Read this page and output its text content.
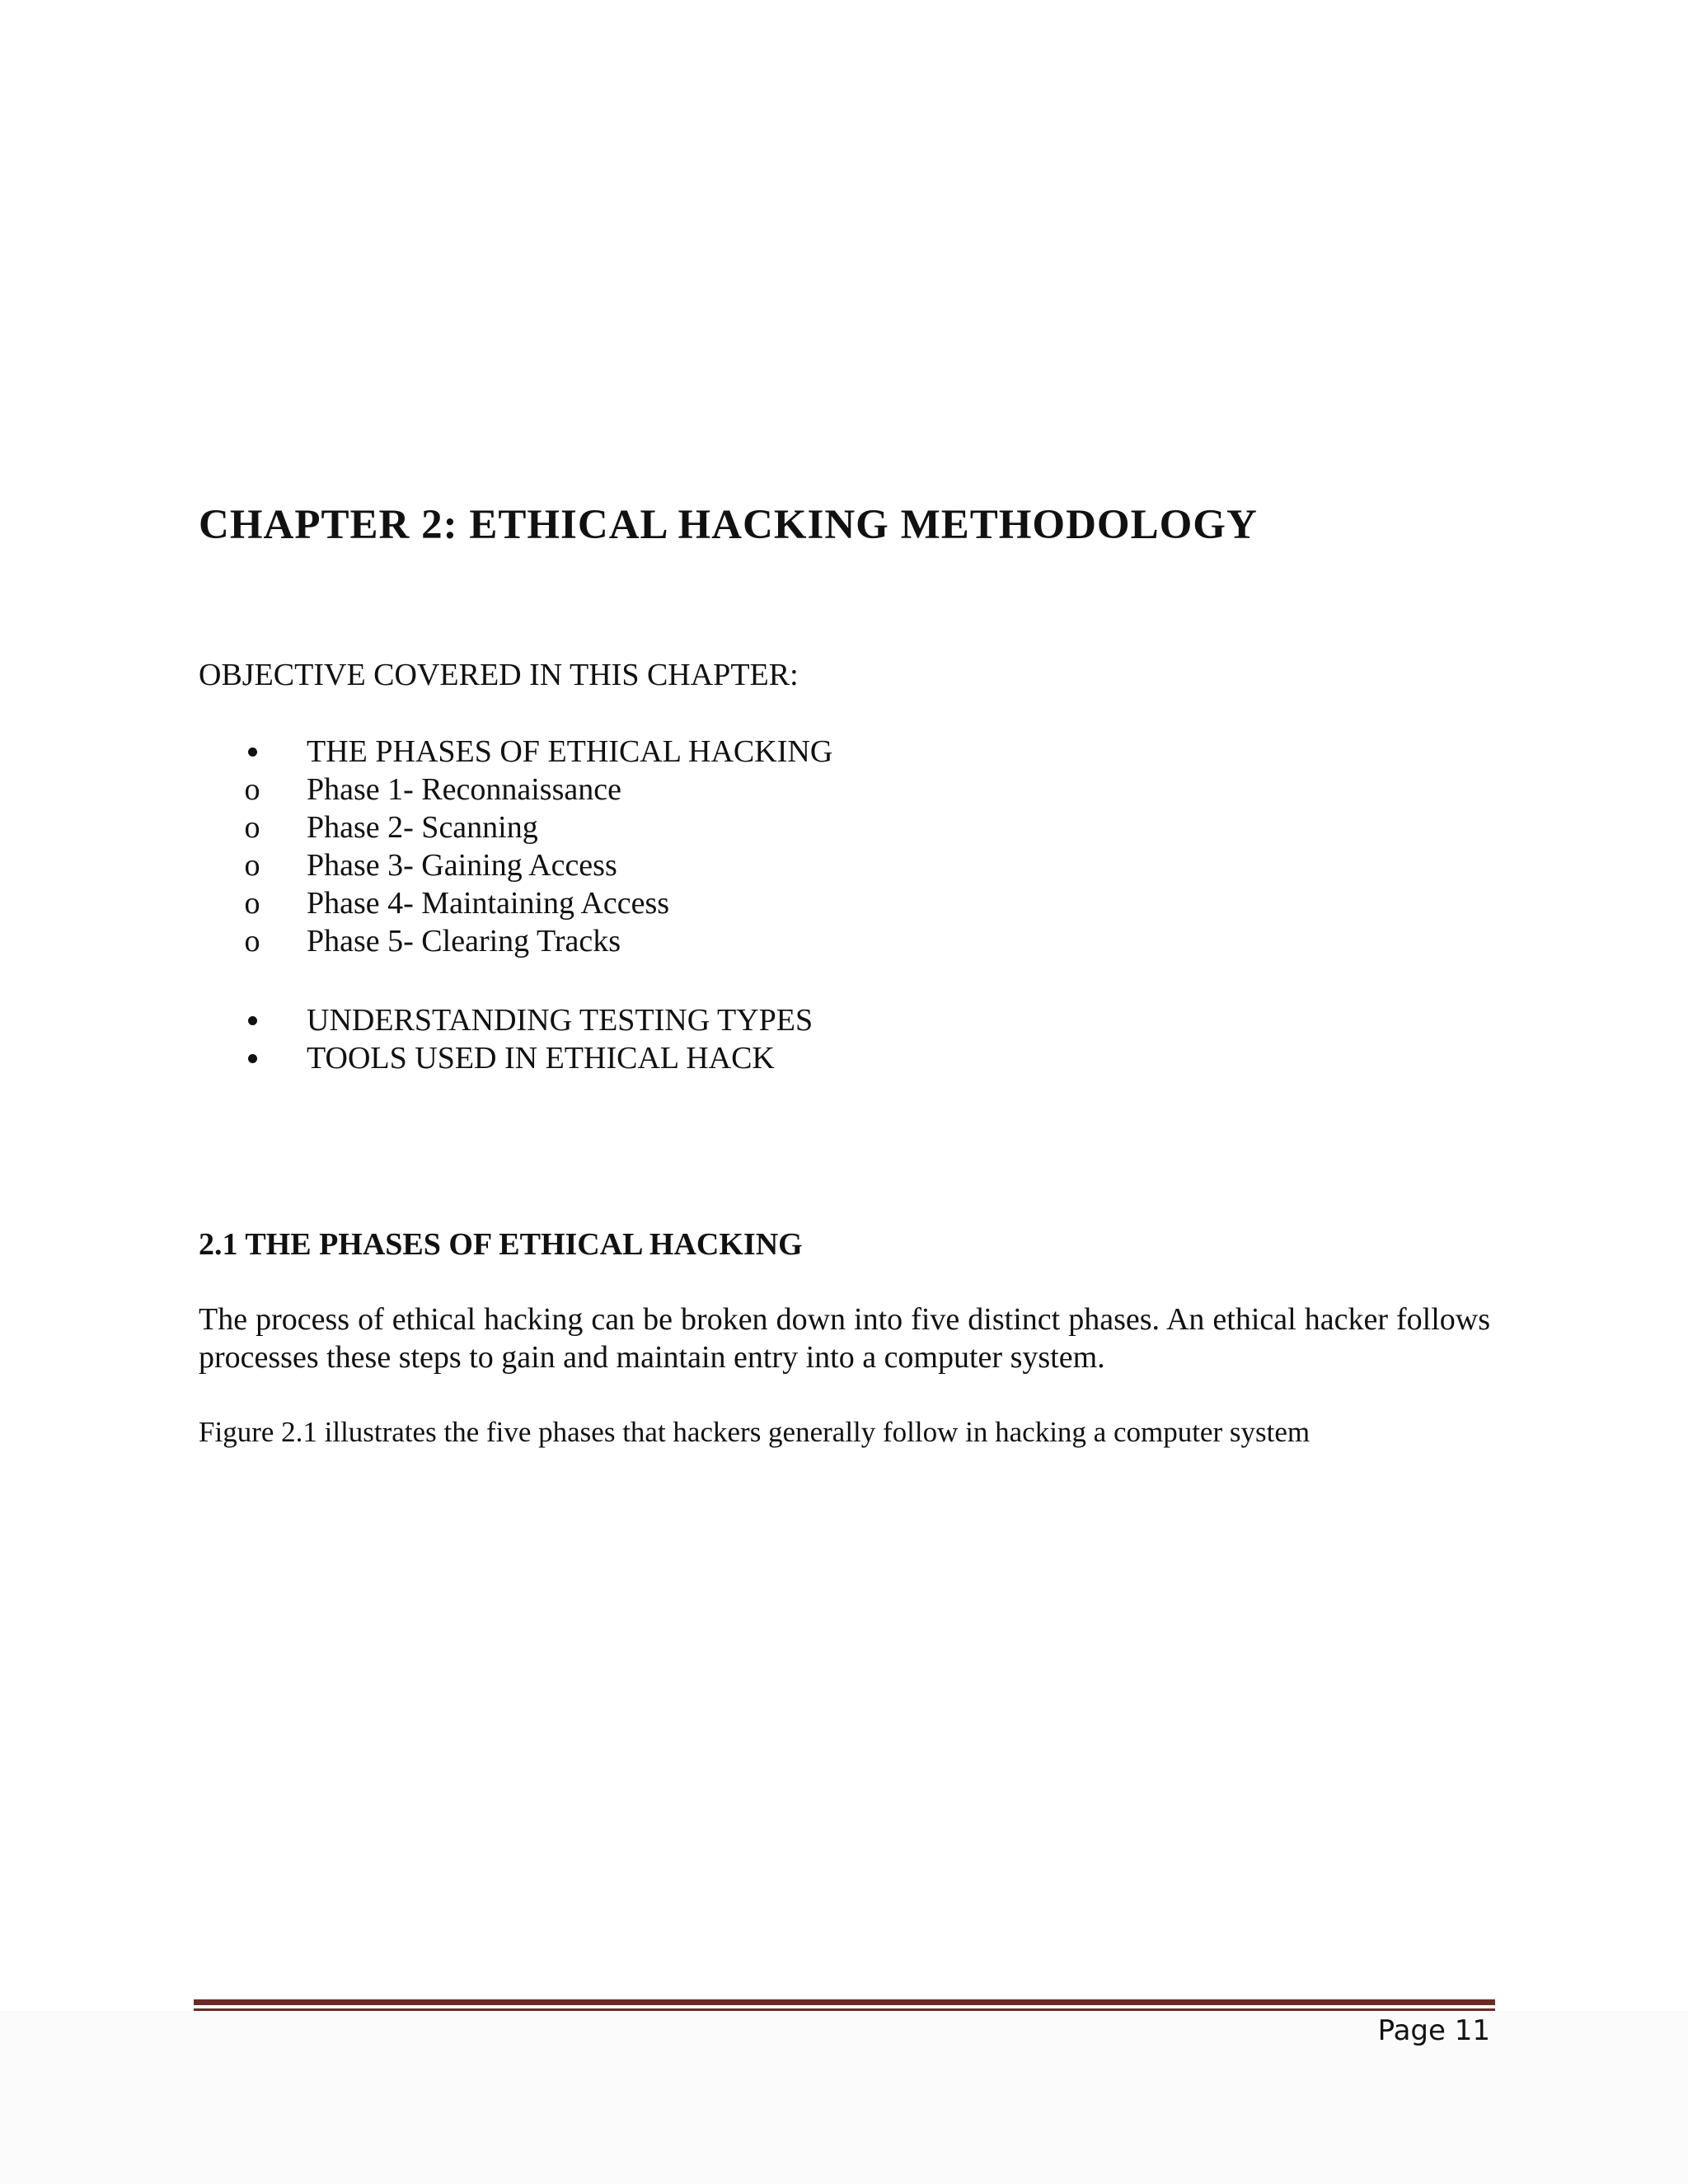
CHAPTER 2: ETHICAL HACKING METHODOLOGY
OBJECTIVE COVERED IN THIS CHAPTER:
THE PHASES OF ETHICAL HACKING
o Phase 1- Reconnaissance
o Phase 2- Scanning
o Phase 3- Gaining Access
o Phase 4- Maintaining Access
o Phase 5- Clearing Tracks
UNDERSTANDING TESTING TYPES
TOOLS USED IN ETHICAL HACK
2.1 THE PHASES OF ETHICAL HACKING

The process of ethical hacking can be broken down into five distinct phases. An ethical hacker follows processes these steps to gain and maintain entry into a computer system.

Figure 2.1 illustrates the five phases that hackers generally follow in hacking a computer system
Page 11
